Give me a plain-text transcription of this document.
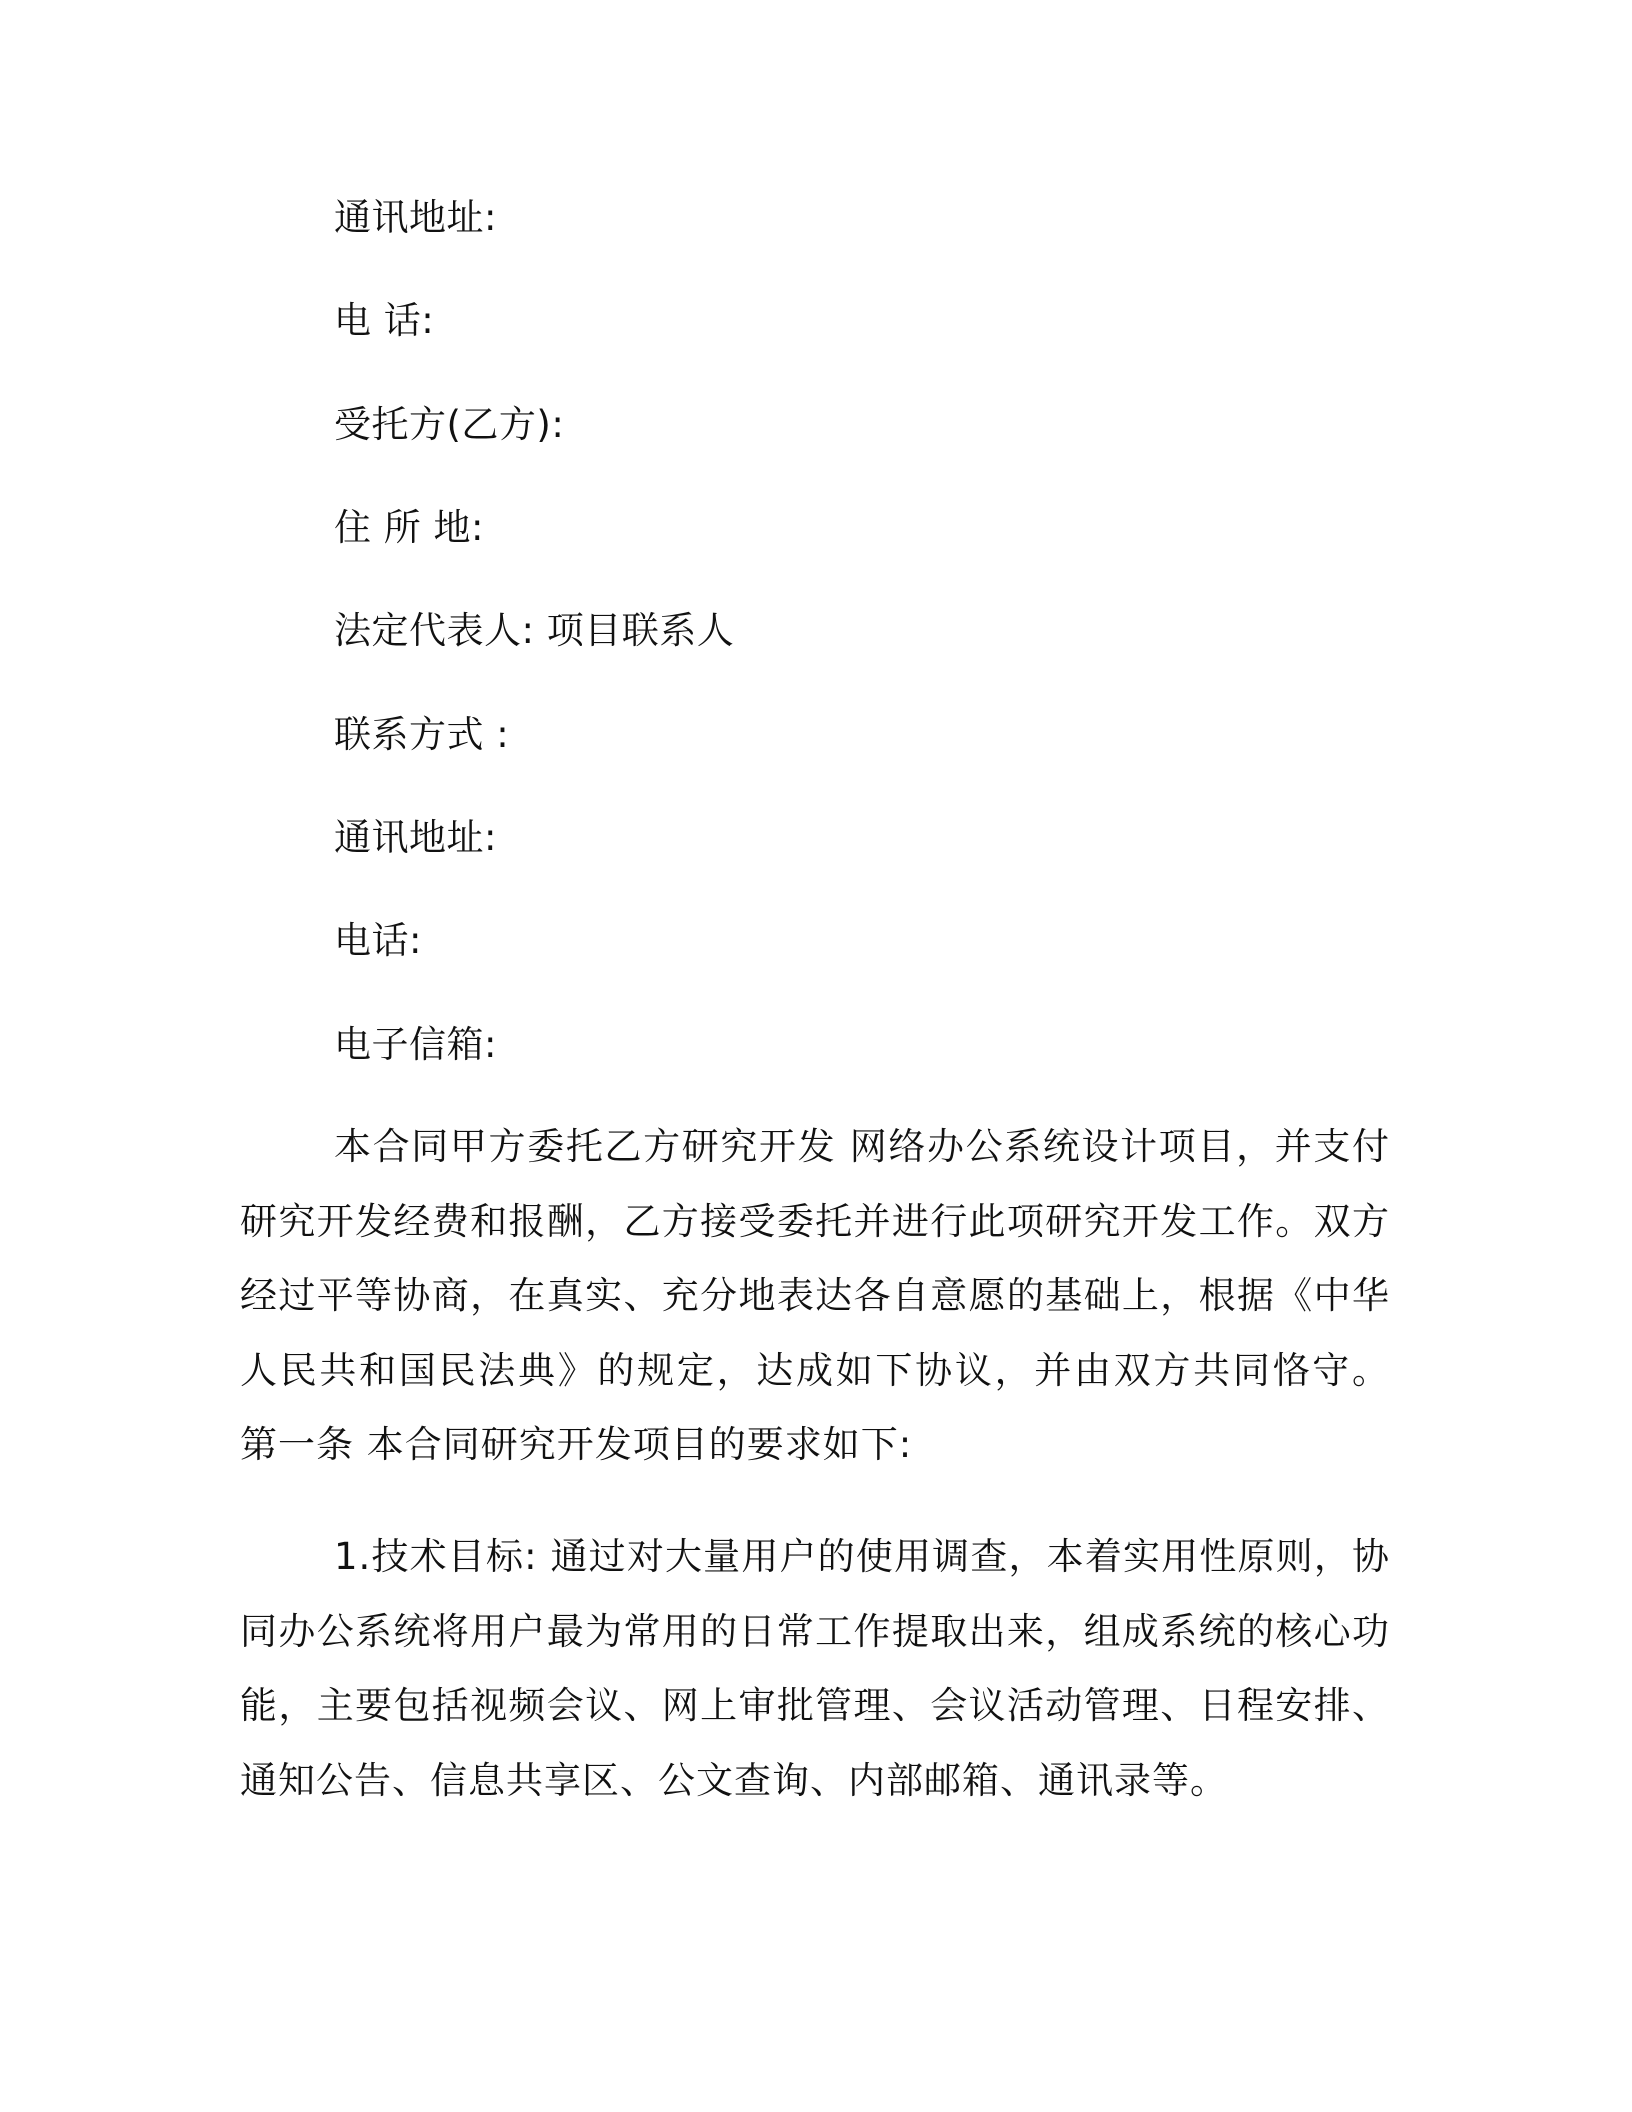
通讯地址:
电 话:
受托方(乙方):
住 所 地:
法定代表人: 项目联系人
联系方式 :
通讯地址:
电话:
电子信箱:
本合同甲方委托乙方研究开发 网络办公系统设计项目，并支付研究开发经费和报酬，乙方接受委托并进行此项研究开发工作。双方经过平等协商，在真实、充分地表达各自意愿的基础上，根据《中华人民共和国民法典》的规定，达成如下协议，并由双方共同恪守。 第一条 本合同研究开发项目的要求如下:
1.技术目标: 通过对大量用户的使用调查，本着实用性原则，协同办公系统将用户最为常用的日常工作提取出来，组成系统的核心功能，主要包括视频会议、网上审批管理、会议活动管理、日程安排、通知公告、信息共享区、公文查询、内部邮箱、通讯录等。
